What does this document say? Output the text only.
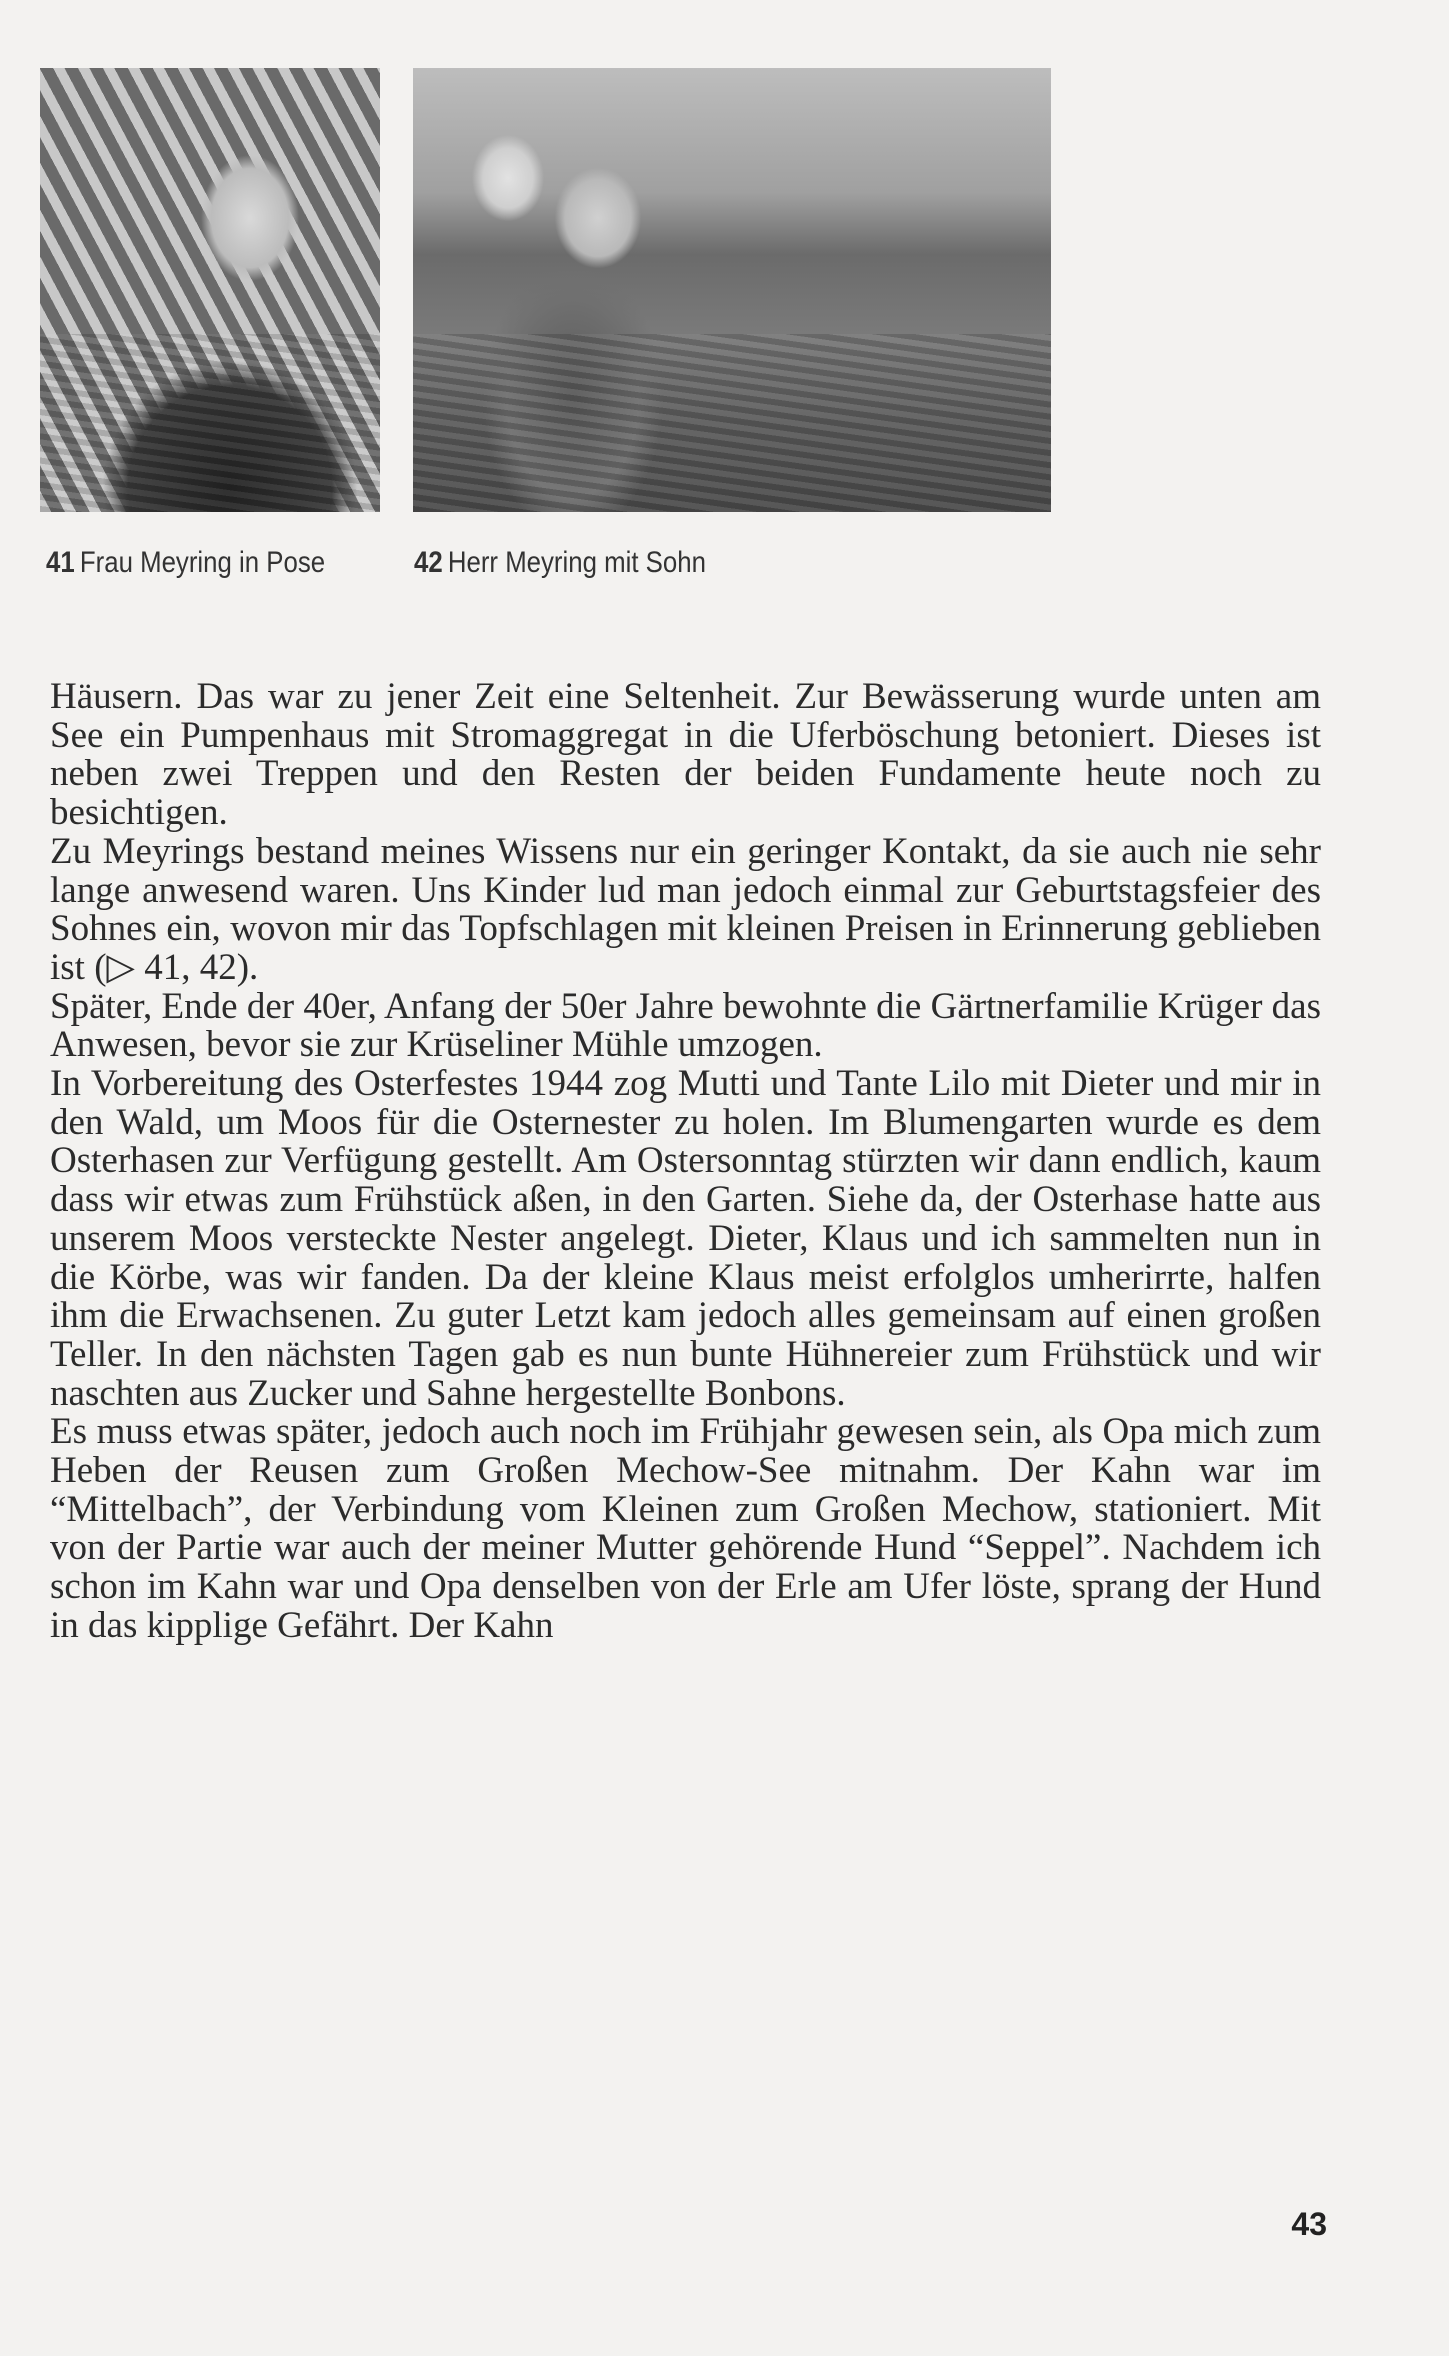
41 Frau Meyring in Pose	42 Herr Meyring mit Sohn

Häusern. Das war zu jener Zeit eine Seltenheit. Zur Bewässerung wurde unten am See ein Pumpenhaus mit Stromaggregat in die Uferböschung betoniert. Dieses ist neben zwei Treppen und den Resten der beiden Fundamente heute noch zu besichtigen.

Zu Meyrings bestand meines Wissens nur ein geringer Kontakt, da sie auch nie sehr lange anwesend waren. Uns Kinder lud man jedoch einmal zur Geburtstagsfeier des Sohnes ein, wovon mir das Topfschlagen mit kleinen Preisen in Erinnerung geblieben ist (▷ 41, 42).

Später, Ende der 40er, Anfang der 50er Jahre bewohnte die Gärtnerfamilie Krüger das Anwesen, bevor sie zur Krüseliner Mühle umzogen.

In Vorbereitung des Osterfestes 1944 zog Mutti und Tante Lilo mit Dieter und mir in den Wald, um Moos für die Osternester zu holen. Im Blumengarten wurde es dem Osterhasen zur Verfügung gestellt. Am Ostersonntag stürzten wir dann endlich, kaum dass wir etwas zum Frühstück aßen, in den Garten. Siehe da, der Osterhase hatte aus unserem Moos versteckte Nester angelegt. Dieter, Klaus und ich sammelten nun in die Körbe, was wir fanden. Da der kleine Klaus meist erfolglos umherirrte, halfen ihm die Erwachsenen. Zu guter Letzt kam jedoch alles gemeinsam auf einen großen Teller. In den nächsten Tagen gab es nun bunte Hühnereier zum Frühstück und wir naschten aus Zucker und Sahne hergestellte Bonbons.

Es muss etwas später, jedoch auch noch im Frühjahr gewesen sein, als Opa mich zum Heben der Reusen zum Großen Mechow-See mitnahm. Der Kahn war im “Mittelbach”, der Verbindung vom Kleinen zum Großen Mechow, stationiert. Mit von der Partie war auch der meiner Mutter gehörende Hund “Seppel”. Nachdem ich schon im Kahn war und Opa denselben von der Erle am Ufer löste, sprang der Hund in das kipplige Gefährt. Der Kahn

43
